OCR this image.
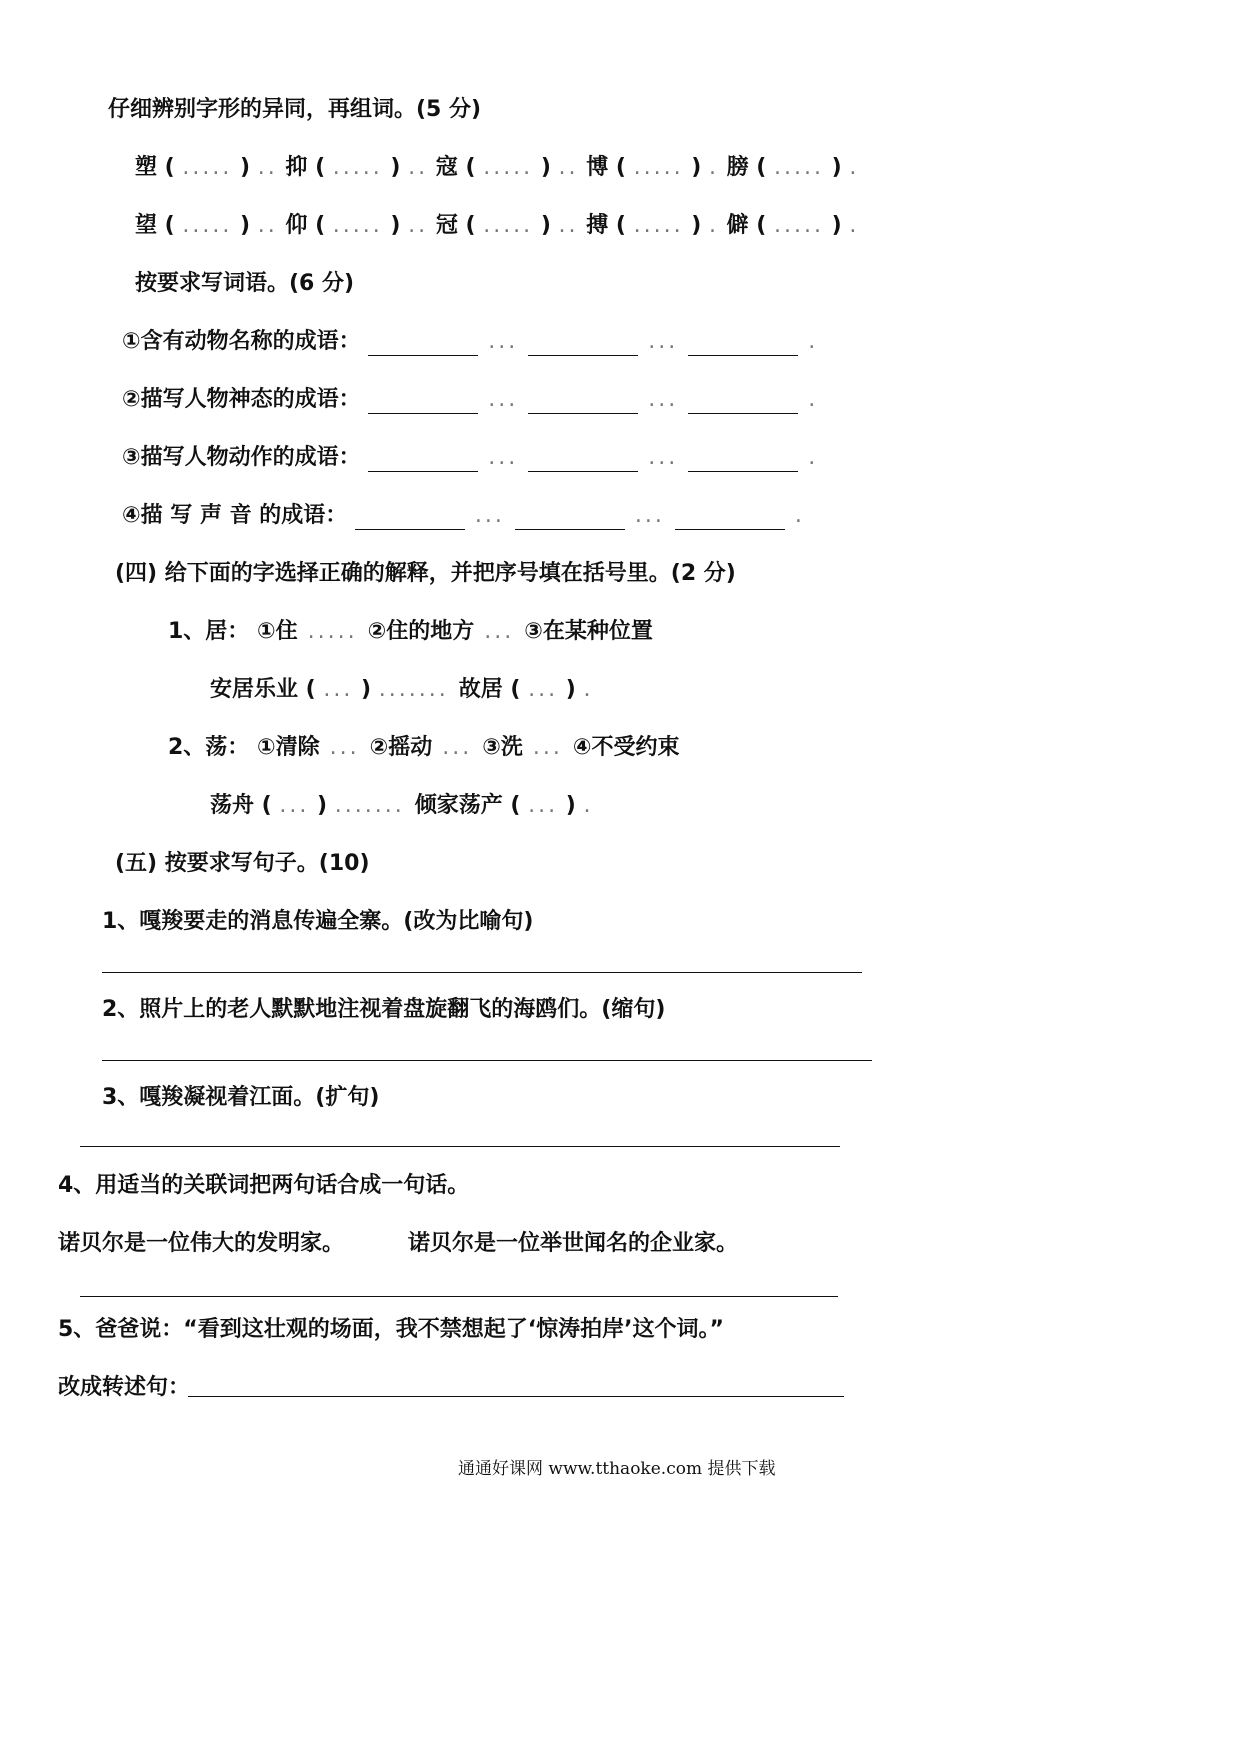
仔细辨别字形的异同，再组词。(5 分)
塑 ( ..... ) .. 抑 ( ..... ) .. 寇 ( ..... ) .. 博 ( ..... ) . 膀 ( ..... ) .
望 ( ..... ) .. 仰 ( ..... ) .. 冠 ( ..... ) .. 搏 ( ..... ) . 僻 ( ..... ) .
按要求写词语。(6 分)
①含有动物名称的成语：	...	...	.
②描写人物神态的成语：	...	...	.
③描写人物动作的成语：	...	...	.
④描 写 声 音 的成语：	...	...	.
(四) 给下面的字选择正确的解释，并把序号填在括号里。(2 分)
1、居： ①住 ..... ②住的地方 ... ③在某种位置
安居乐业 ( ... ) ....... 故居 ( ... ) .
2、荡： ①清除 ... ②摇动 ... ③洗 ... ④不受约束
荡舟 ( ... ) ....... 倾家荡产 ( ... ) .
(五) 按要求写句子。(10)
1、嘎羧要走的消息传遍全寨。(改为比喻句)
2、照片上的老人默默地注视着盘旋翻飞的海鸥们。(缩句)
3、嘎羧凝视着江面。(扩句)
4、用适当的关联词把两句话合成一句话。
诺贝尔是一位伟大的发明家。	诺贝尔是一位举世闻名的企业家。
5、爸爸说：“看到这壮观的场面，我不禁想起了‘惊涛拍岸’这个词。”
改成转述句：
通通好课网 www.tthaoke.com 提供下载
